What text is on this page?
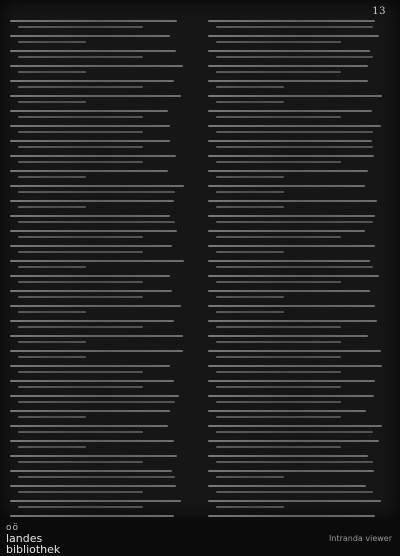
13
oö
landes
bibliothek
Intranda viewer
